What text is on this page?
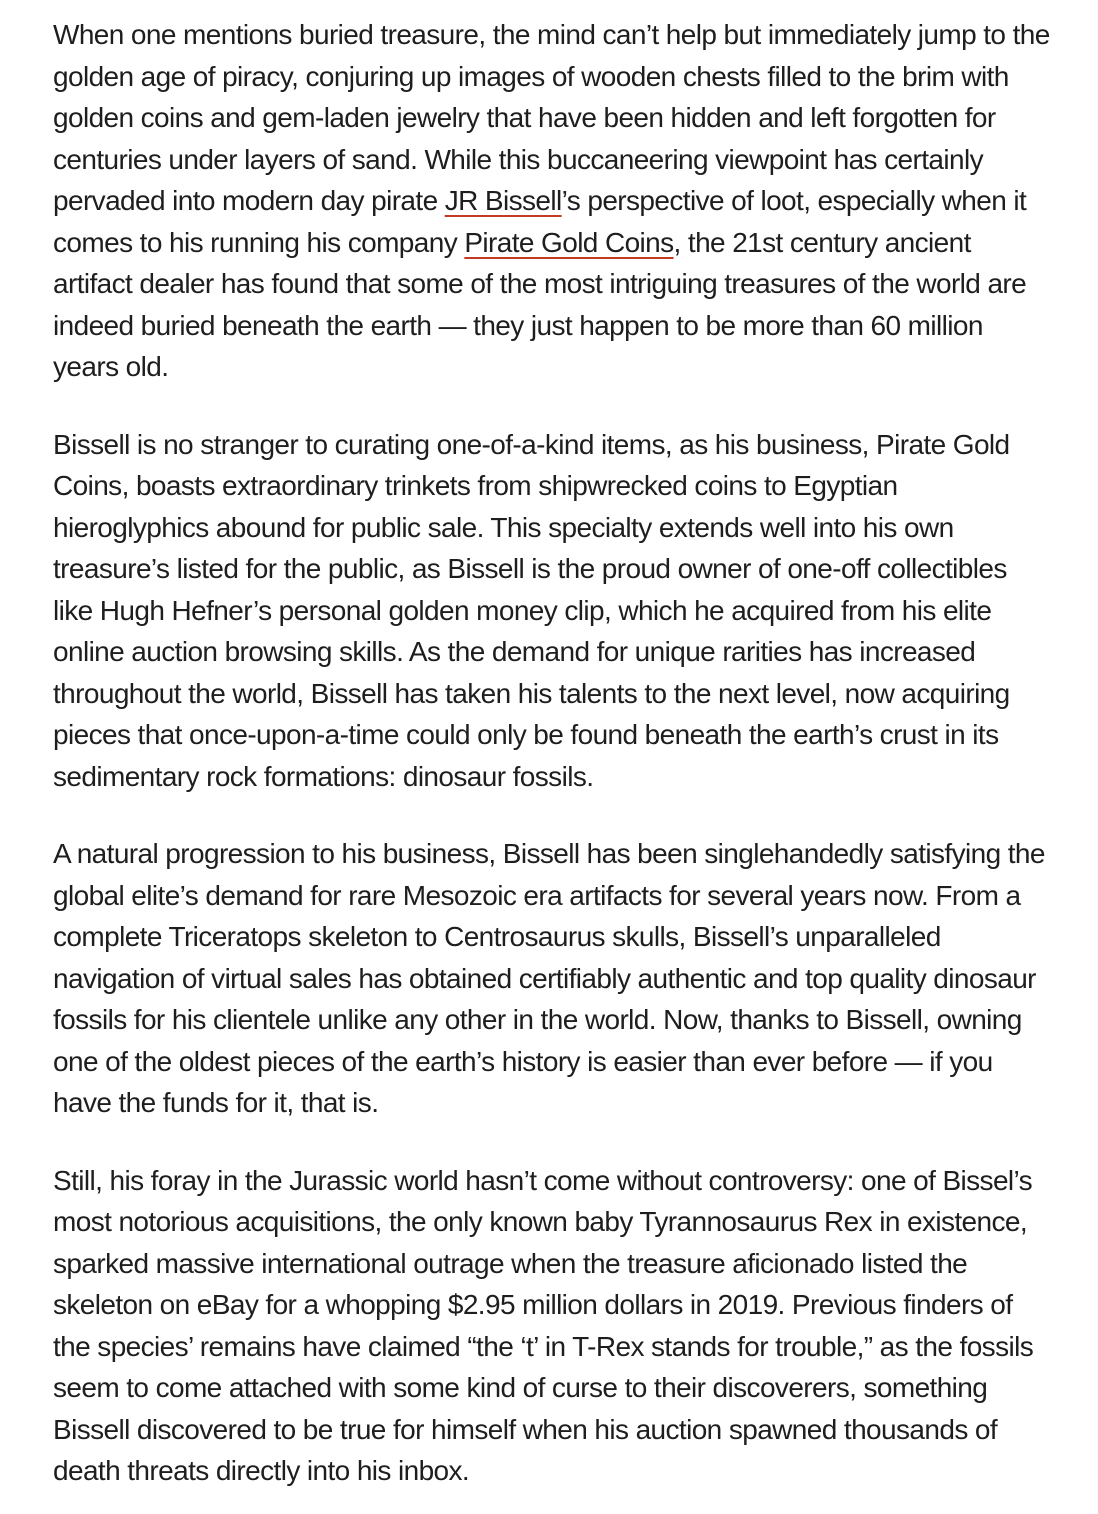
When one mentions buried treasure, the mind can’t help but immediately jump to the golden age of piracy, conjuring up images of wooden chests filled to the brim with golden coins and gem-laden jewelry that have been hidden and left forgotten for centuries under layers of sand. While this buccaneering viewpoint has certainly pervaded into modern day pirate JR Bissell’s perspective of loot, especially when it comes to his running his company Pirate Gold Coins, the 21st century ancient artifact dealer has found that some of the most intriguing treasures of the world are indeed buried beneath the earth — they just happen to be more than 60 million years old.

Bissell is no stranger to curating one-of-a-kind items, as his business, Pirate Gold Coins, boasts extraordinary trinkets from shipwrecked coins to Egyptian hieroglyphics abound for public sale. This specialty extends well into his own treasure’s listed for the public, as Bissell is the proud owner of one-off collectibles like Hugh Hefner’s personal golden money clip, which he acquired from his elite online auction browsing skills. As the demand for unique rarities has increased throughout the world, Bissell has taken his talents to the next level, now acquiring pieces that once-upon-a-time could only be found beneath the earth’s crust in its sedimentary rock formations: dinosaur fossils.

A natural progression to his business, Bissell has been singlehandedly satisfying the global elite’s demand for rare Mesozoic era artifacts for several years now. From a complete Triceratops skeleton to Centrosaurus skulls, Bissell’s unparalleled navigation of virtual sales has obtained certifiably authentic and top quality dinosaur fossils for his clientele unlike any other in the world. Now, thanks to Bissell, owning one of the oldest pieces of the earth’s history is easier than ever before — if you have the funds for it, that is.

Still, his foray in the Jurassic world hasn’t come without controversy: one of Bissel’s most notorious acquisitions, the only known baby Tyrannosaurus Rex in existence, sparked massive international outrage when the treasure aficionado listed the skeleton on eBay for a whopping $2.95 million dollars in 2019. Previous finders of the species’ remains have claimed “the ‘t’ in T-Rex stands for trouble,” as the fossils seem to come attached with some kind of curse to their discoverers, something Bissell discovered to be true for himself when his auction spawned thousands of death threats directly into his inbox.
